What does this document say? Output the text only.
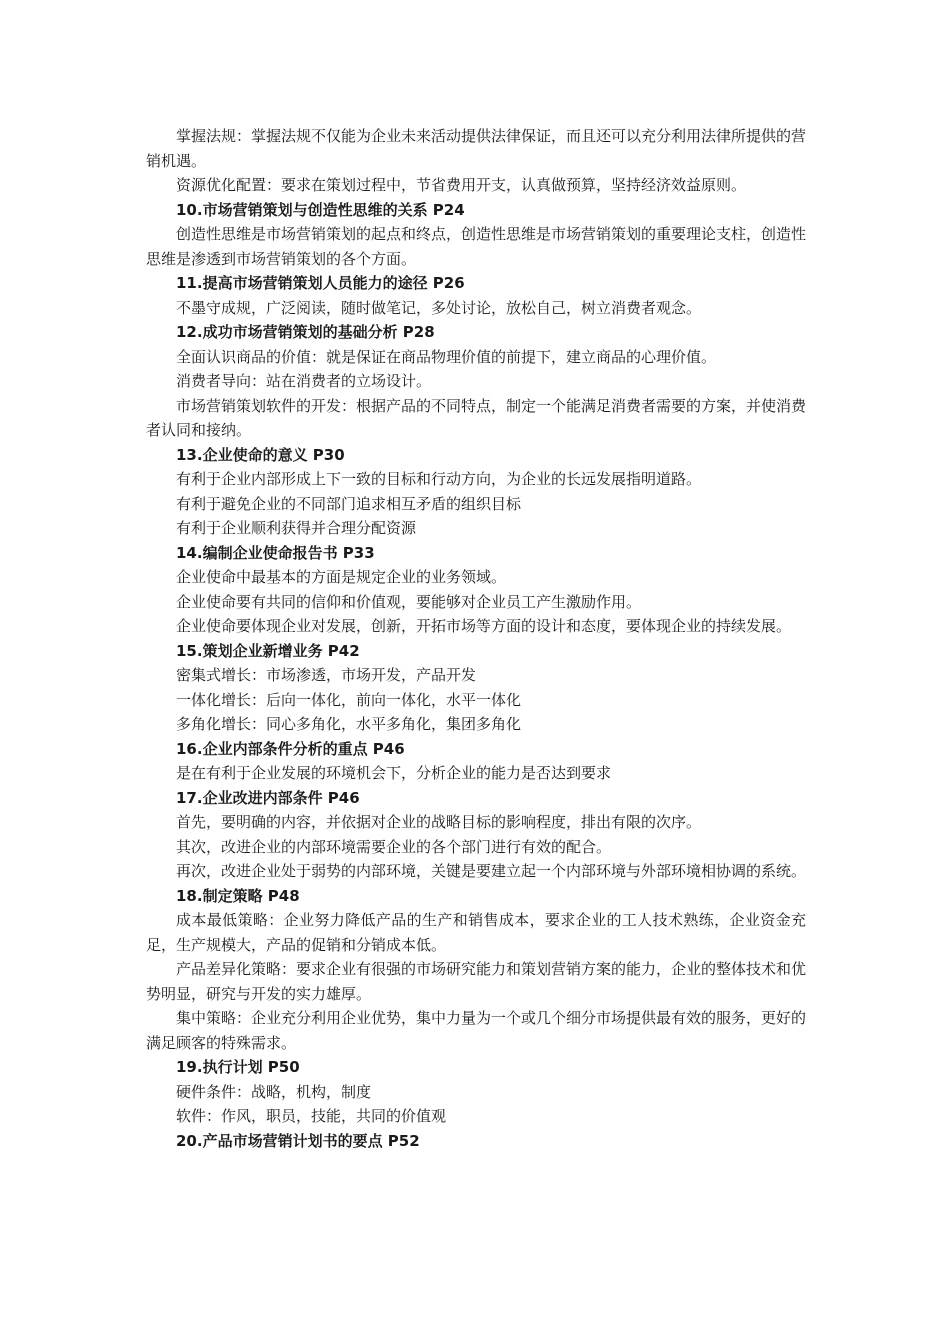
掌握法规：掌握法规不仅能为企业未来活动提供法律保证，而且还可以充分利用法律所提供的营销机遇。

资源优化配置：要求在策划过程中，节省费用开支，认真做预算，坚持经济效益原则。

10.市场营销策划与创造性思维的关系 P24

创造性思维是市场营销策划的起点和终点，创造性思维是市场营销策划的重要理论支柱，创造性思维是渗透到市场营销策划的各个方面。

11.提高市场营销策划人员能力的途径 P26

不墨守成规，广泛阅读，随时做笔记，多处讨论，放松自己，树立消费者观念。

12.成功市场营销策划的基础分析 P28

全面认识商品的价值：就是保证在商品物理价值的前提下，建立商品的心理价值。

消费者导向：站在消费者的立场设计。

市场营销策划软件的开发：根据产品的不同特点，制定一个能满足消费者需要的方案，并使消费者认同和接纳。

13.企业使命的意义 P30

有利于企业内部形成上下一致的目标和行动方向，为企业的长远发展指明道路。

有利于避免企业的不同部门追求相互矛盾的组织目标

有利于企业顺利获得并合理分配资源

14.编制企业使命报告书 P33

企业使命中最基本的方面是规定企业的业务领域。

企业使命要有共同的信仰和价值观，要能够对企业员工产生激励作用。

企业使命要体现企业对发展，创新，开拓市场等方面的设计和态度，要体现企业的持续发展。

15.策划企业新增业务 P42

密集式增长：市场渗透，市场开发，产品开发

一体化增长：后向一体化，前向一体化，水平一体化

多角化增长：同心多角化，水平多角化，集团多角化

16.企业内部条件分析的重点 P46

是在有利于企业发展的环境机会下，分析企业的能力是否达到要求

17.企业改进内部条件 P46

首先，要明确的内容，并依据对企业的战略目标的影响程度，排出有限的次序。

其次，改进企业的内部环境需要企业的各个部门进行有效的配合。

再次，改进企业处于弱势的内部环境，关键是要建立起一个内部环境与外部环境相协调的系统。

18.制定策略 P48

成本最低策略：企业努力降低产品的生产和销售成本，要求企业的工人技术熟练，企业资金充足，生产规模大，产品的促销和分销成本低。

产品差异化策略：要求企业有很强的市场研究能力和策划营销方案的能力，企业的整体技术和优势明显，研究与开发的实力雄厚。

集中策略：企业充分利用企业优势，集中力量为一个或几个细分市场提供最有效的服务，更好的满足顾客的特殊需求。

19.执行计划 P50

硬件条件：战略，机构，制度

软件：作风，职员，技能，共同的价值观

20.产品市场营销计划书的要点 P52
